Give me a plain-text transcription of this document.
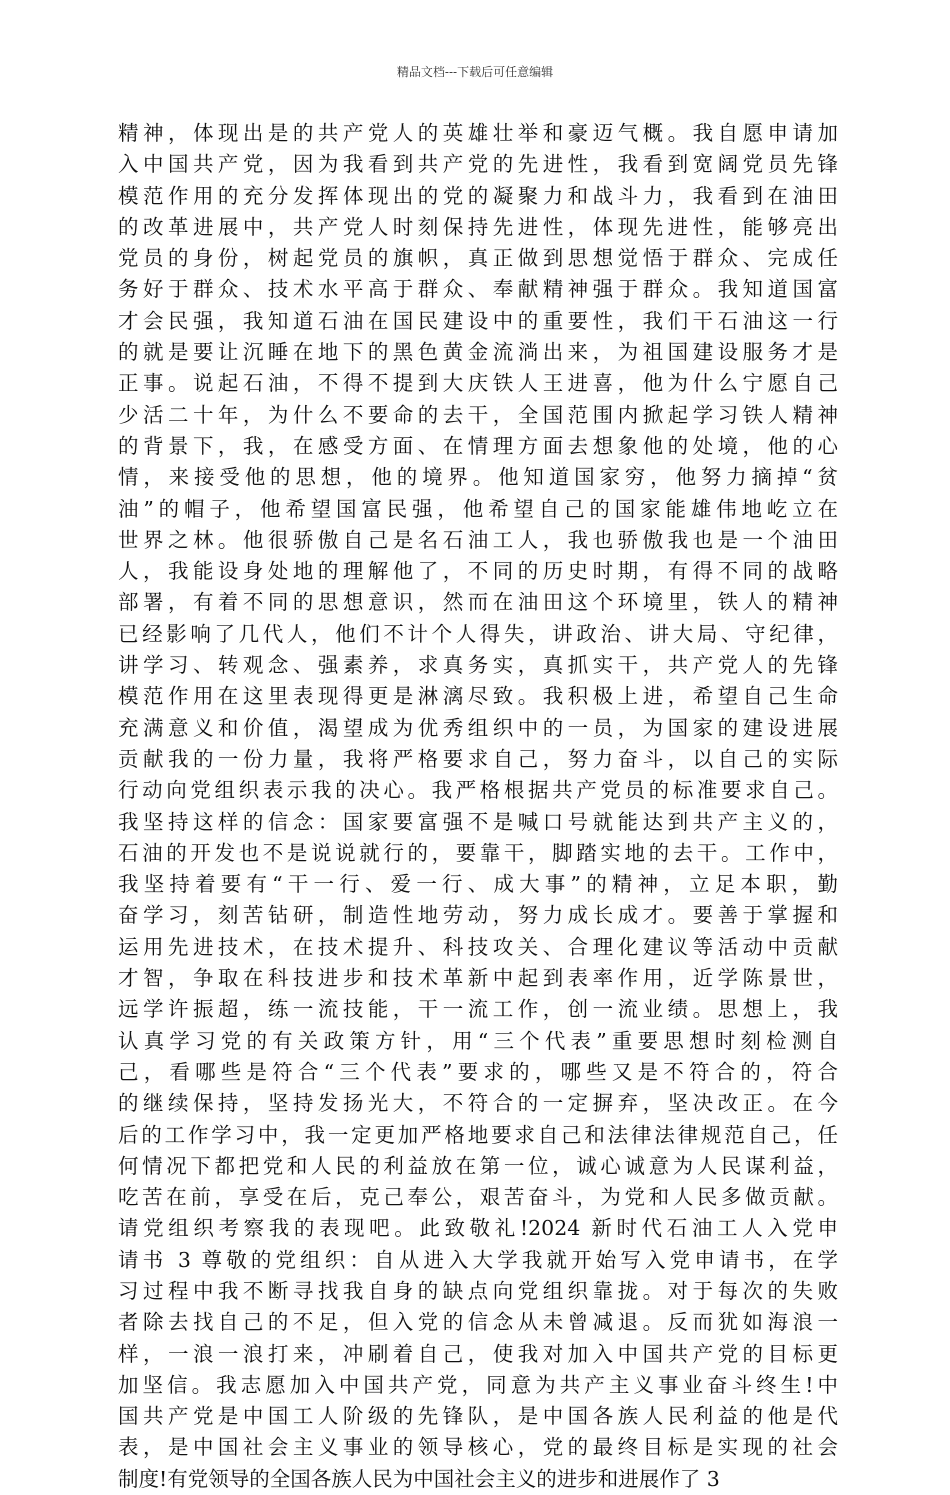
精品文档---下载后可任意编辑
精神，体现出是的共产党人的英雄壮举和豪迈气概。我自愿申请加
入中国共产党，因为我看到共产党的先进性，我看到宽阔党员先锋
模范作用的充分发挥体现出的党的凝聚力和战斗力，我看到在油田
的改革进展中，共产党人时刻保持先进性，体现先进性，能够亮出
党员的身份，树起党员的旗帜，真正做到思想觉悟于群众、完成任
务好于群众、技术水平高于群众、奉献精神强于群众。我知道国富
才会民强，我知道石油在国民建设中的重要性，我们干石油这一行
的就是要让沉睡在地下的黑色黄金流淌出来，为祖国建设服务才是
正事。说起石油，不得不提到大庆铁人王进喜，他为什么宁愿自己
少活二十年，为什么不要命的去干，全国范围内掀起学习铁人精神
的背景下，我，在感受方面、在情理方面去想象他的处境，他的心
情，来接受他的思想，他的境界。他知道国家穷，他努力摘掉“贫
油”的帽子，他希望国富民强，他希望自己的国家能雄伟地屹立在
世界之林。他很骄傲自己是名石油工人，我也骄傲我也是一个油田
人，我能设身处地的理解他了，不同的历史时期，有得不同的战略
部署，有着不同的思想意识，然而在油田这个环境里，铁人的精神
已经影响了几代人，他们不计个人得失，讲政治、讲大局、守纪律，
讲学习、转观念、强素养，求真务实，真抓实干，共产党人的先锋
模范作用在这里表现得更是淋漓尽致。我积极上进，希望自己生命
充满意义和价值，渴望成为优秀组织中的一员，为国家的建设进展
贡献我的一份力量，我将严格要求自己，努力奋斗，以自己的实际
行动向党组织表示我的决心。我严格根据共产党员的标准要求自己。
我坚持这样的信念：国家要富强不是喊口号就能达到共产主义的，
石油的开发也不是说说就行的，要靠干，脚踏实地的去干。工作中，
我坚持着要有“干一行、爱一行、成大事”的精神，立足本职，勤
奋学习，刻苦钻研，制造性地劳动，努力成长成才。要善于掌握和
运用先进技术，在技术提升、科技攻关、合理化建议等活动中贡献
才智，争取在科技进步和技术革新中起到表率作用，近学陈景世，
远学许振超，练一流技能，干一流工作，创一流业绩。思想上，我
认真学习党的有关政策方针，用“三个代表”重要思想时刻检测自
己，看哪些是符合“三个代表”要求的，哪些又是不符合的，符合
的继续保持，坚持发扬光大，不符合的一定摒弃，坚决改正。在今
后的工作学习中，我一定更加严格地要求自己和法律法律规范自己，任
何情况下都把党和人民的利益放在第一位，诚心诚意为人民谋利益，
吃苦在前，享受在后，克己奉公，艰苦奋斗，为党和人民多做贡献。
请党组织考察我的表现吧。此致敬礼!2024 新时代石油工人入党申
请书 3 尊敬的党组织：自从进入大学我就开始写入党申请书，在学
习过程中我不断寻找我自身的缺点向党组织靠拢。对于每次的失败
者除去找自己的不足，但入党的信念从未曾减退。反而犹如海浪一
样，一浪一浪打来，冲刷着自己，使我对加入中国共产党的目标更
加坚信。我志愿加入中国共产党，同意为共产主义事业奋斗终生!中
国共产党是中国工人阶级的先锋队，是中国各族人民利益的他是代
表，是中国社会主义事业的领导核心，党的最终目标是实现的社会
制度!有党领导的全国各族人民为中国社会主义的进步和进展作了 3
